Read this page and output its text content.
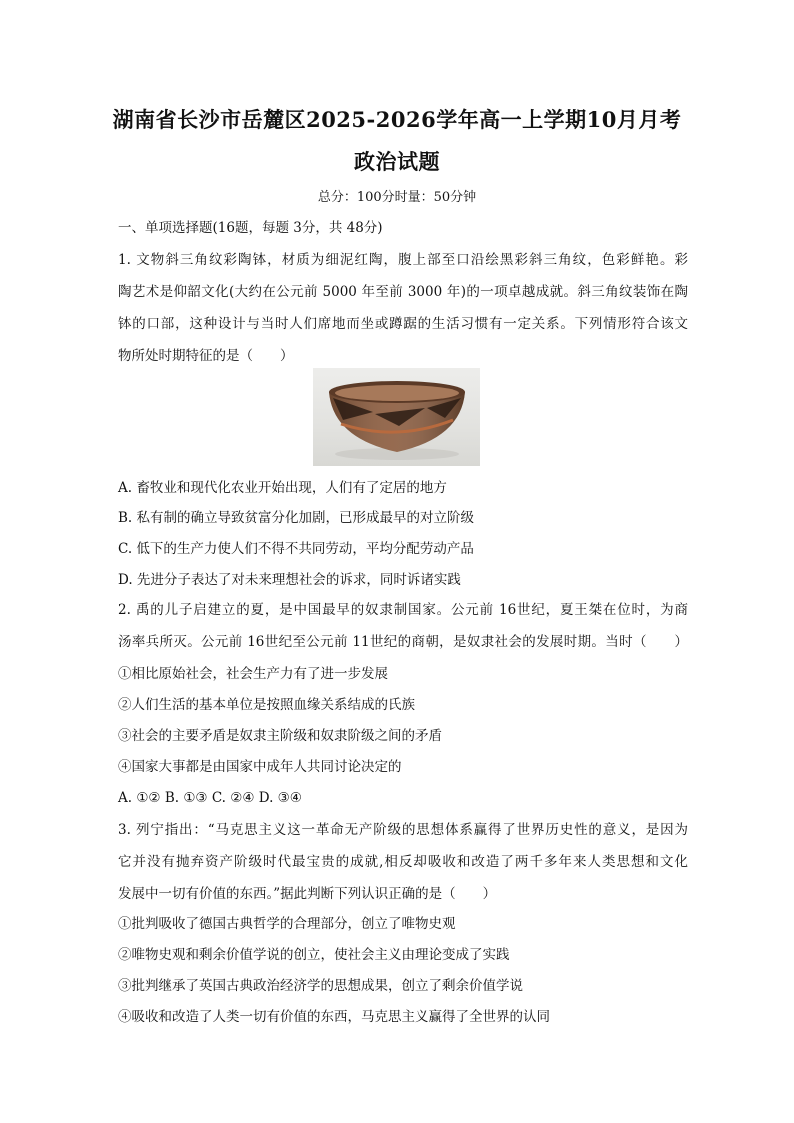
湖南省长沙市岳麓区2025-2026学年高一上学期10月月考
政治试题
总分：100分时量：50分钟
一、单项选择题(16题，每题 3分，共 48分)
1. 文物斜三角纹彩陶钵，材质为细泥红陶，腹上部至口沿绘黑彩斜三角纹，色彩鲜艳。彩
陶艺术是仰韶文化(大约在公元前 5000 年至前 3000 年)的一项卓越成就。斜三角纹装饰在陶
钵的口部，这种设计与当时人们席地而坐或蹲踞的生活习惯有一定关系。下列情形符合该文
物所处时期特征的是（　　）
A. 畜牧业和现代化农业开始出现，人们有了定居的地方
B. 私有制的确立导致贫富分化加剧，已形成最早的对立阶级
C. 低下的生产力使人们不得不共同劳动，平均分配劳动产品
D. 先进分子表达了对未来理想社会的诉求，同时诉诸实践
2. 禹的儿子启建立的夏，是中国最早的奴隶制国家。公元前 16世纪，夏王桀在位时，为商
汤率兵所灭。公元前 16世纪至公元前 11世纪的商朝，是奴隶社会的发展时期。当时（　　）
①相比原始社会，社会生产力有了进一步发展
②人们生活的基本单位是按照血缘关系结成的氏族
③社会的主要矛盾是奴隶主阶级和奴隶阶级之间的矛盾
④国家大事都是由国家中成年人共同讨论决定的
A. ①② B. ①③ C. ②④ D. ③④
3. 列宁指出：“马克思主义这一革命无产阶级的思想体系赢得了世界历史性的意义，是因为
它并没有抛弃资产阶级时代最宝贵的成就,相反却吸收和改造了两千多年来人类思想和文化
发展中一切有价值的东西。”据此判断下列认识正确的是（　　）
①批判吸收了德国古典哲学的合理部分，创立了唯物史观
②唯物史观和剩余价值学说的创立，使社会主义由理论变成了实践
③批判继承了英国古典政治经济学的思想成果，创立了剩余价值学说
④吸收和改造了人类一切有价值的东西，马克思主义赢得了全世界的认同
